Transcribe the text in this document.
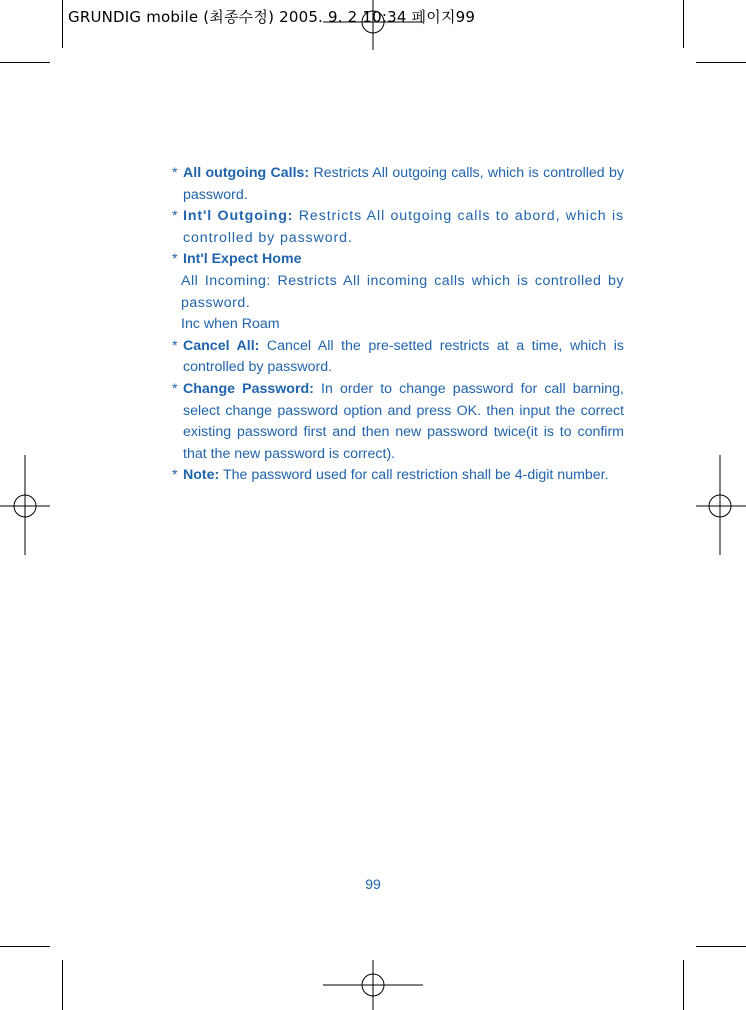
GRUNDIG mobile (최종수정) 2005. 9. 2 10:34 페이지99
* All outgoing Calls: Restricts All outgoing calls, which is controlled by password.
* Int'l Outgoing: Restricts All outgoing calls to abord, which is controlled by password.
* Int'l Expect Home
All Incoming: Restricts All incoming calls which is controlled by password.
Inc when Roam
* Cancel All: Cancel All the pre-setted restricts at a time, which is controlled by password.
* Change Password: In order to change password for call barning, select change password option and press OK. then input the correct existing password first and then new password twice(it is to confirm that the new password is correct).
* Note: The password used for call restriction shall be 4-digit number.
99
